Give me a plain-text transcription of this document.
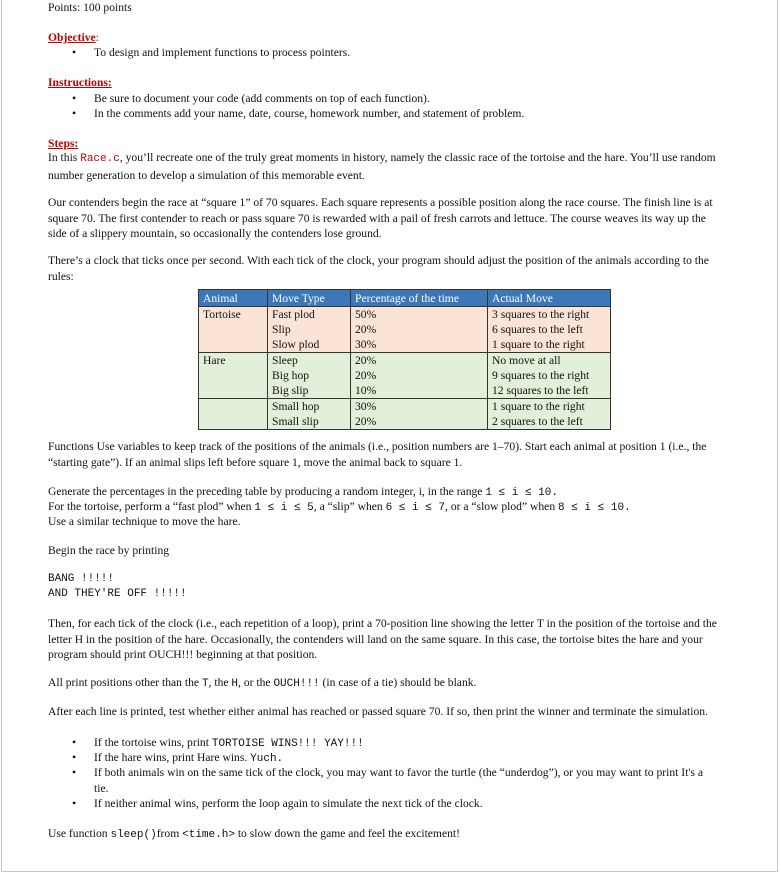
Points: 100 points
Objective:
• To design and implement functions to process pointers.
Instructions:
• Be sure to document your code (add comments on top of each function).
• In the comments add your name, date, course, homework number, and statement of problem.
Steps:

In this Race.c, you’ll recreate one of the truly great moments in history, namely the classic race of the tortoise and the hare. You’ll use random number generation to develop a simulation of this memorable event.

Our contenders begin the race at “square 1” of 70 squares. Each square represents a possible position along the race course. The finish line is at square 70. The first contender to reach or pass square 70 is rewarded with a pail of fresh carrots and lettuce. The course weaves its way up the side of a slippery mountain, so occasionally the contenders lose ground.

There’s a clock that ticks once per second. With each tick of the clock, your program should adjust the position of the animals according to the rules:

Animal	Move Type	Percentage of the time	Actual Move
Tortoise	Fast plod	50%	3 squares to the right
	Slip	20%	6 squares to the left
	Slow plod	30%	1 square to the right
Hare	Sleep	20%	No move at all
	Big hop	20%	9 squares to the right
	Big slip	10%	12 squares to the left
	Small hop	30%	1 square to the right
	Small slip	20%	2 squares to the left

Functions Use variables to keep track of the positions of the animals (i.e., position numbers are 1–70). Start each animal at position 1 (i.e., the “starting gate”). If an animal slips left before square 1, move the animal back to square 1.

Generate the percentages in the preceding table by producing a random integer, i, in the range 1 ≤ i ≤ 10.

For the tortoise, perform a “fast plod” when 1 ≤ i ≤ 5, a “slip” when 6 ≤ i ≤ 7, or a “slow plod” when 8 ≤ i ≤ 10.

Use a similar technique to move the hare.

Begin the race by printing

BANG !!!!!
AND THEY'RE OFF !!!!!

Then, for each tick of the clock (i.e., each repetition of a loop), print a 70-position line showing the letter T in the position of the tortoise and the letter H in the position of the hare. Occasionally, the contenders will land on the same square. In this case, the tortoise bites the hare and your program should print OUCH!!! beginning at that position.

All print positions other than the T, the H, or the OUCH!!! (in case of a tie) should be blank.

After each line is printed, test whether either animal has reached or passed square 70. If so, then print the winner and terminate the simulation.

• If the tortoise wins, print TORTOISE WINS!!! YAY!!!
• If the hare wins, print Hare wins. Yuch.
• If both animals win on the same tick of the clock, you may want to favor the turtle (the “underdog”), or you may want to print It's a tie.
• If neither animal wins, perform the loop again to simulate the next tick of the clock.

Use function sleep()from <time.h> to slow down the game and feel the excitement!
